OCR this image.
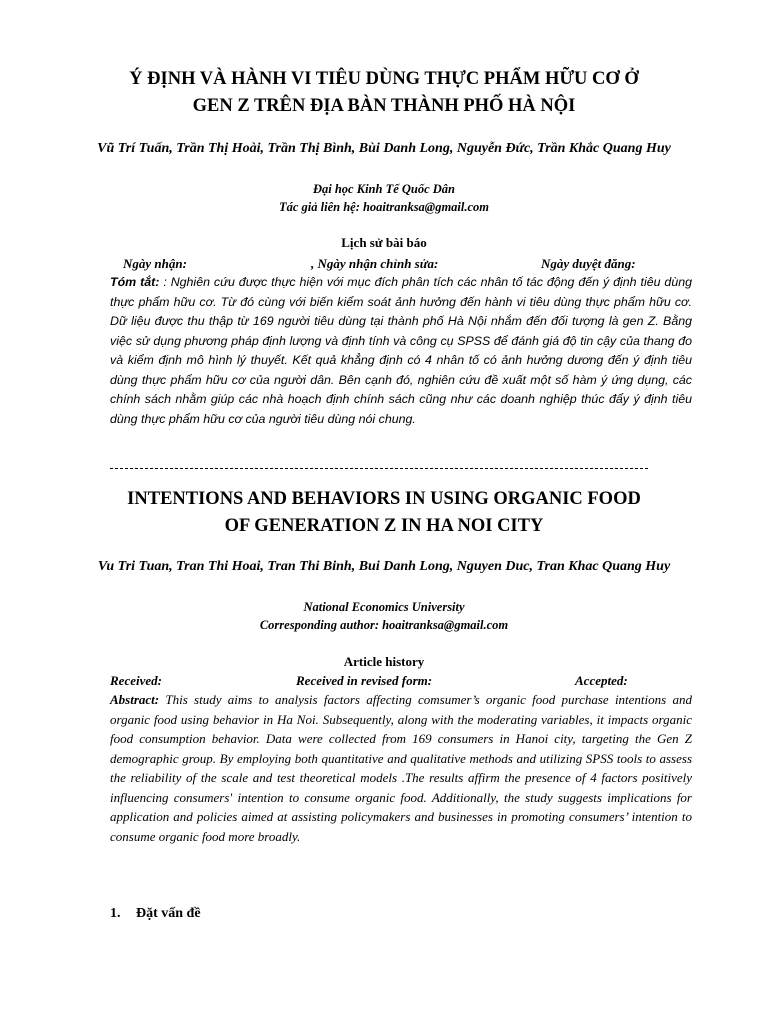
Ý ĐỊNH VÀ HÀNH VI TIÊU DÙNG THỰC PHẨM HỮU CƠ Ở
GEN Z TRÊN ĐỊA BÀN THÀNH PHỐ HÀ NỘI

Vũ Trí Tuấn, Trần Thị Hoài, Trần Thị Bình, Bùi Danh Long, Nguyễn Đức, Trần Khắc Quang Huy

Đại học Kinh Tế Quốc Dân
Tác giả liên hệ: hoaitranksa@gmail.com
Lịch sử bài báo
Ngày nhận:	, Ngày nhận chỉnh sửa:	Ngày duyệt đăng:

Tóm tắt: : Nghiên cứu được thực hiện với mục đích phân tích các nhân tố tác động đến ý định tiêu dùng thực phẩm hữu cơ. Từ đó cùng với biến kiểm soát ảnh hưởng đến hành vi tiêu dùng thực phẩm hữu cơ. Dữ liệu được thu thập từ 169 người tiêu dùng tại thành phố Hà Nội nhắm đến đối tượng là gen Z. Bằng việc sử dụng phương pháp định lượng và định tính và công cụ SPSS để đánh giá độ tin cậy của thang đo và kiểm định mô hình lý thuyết. Kết quả khẳng định có 4 nhân tố có ảnh hưởng dương đến ý định tiêu dùng thực phẩm hữu cơ của người dân. Bên cạnh đó, nghiên cứu đề xuất một số hàm ý ứng dụng, các chính sách nhằm giúp các nhà hoạch định chính sách cũng như các doanh nghiệp thúc đẩy ý định tiêu dùng thực phẩm hữu cơ của người tiêu dùng nói chung.

INTENTIONS AND BEHAVIORS IN USING ORGANIC FOOD
OF GENERATION Z IN HA NOI CITY

Vu Tri Tuan, Tran Thi Hoai, Tran Thi Binh, Bui Danh Long, Nguyen Duc, Tran Khac Quang Huy

National Economics University
Corresponding author: hoaitranksa@gmail.com
Article history
Received:	Received in revised form:	Accepted:

Abstract: This study aims to analysis factors affecting comsumer’s organic food purchase intentions and organic food using behavior in Ha Noi. Subsequently, along with the moderating variables, it impacts organic food consumption behavior. Data were collected from 169 consumers in Hanoi city, targeting the Gen Z demographic group. By employing both quantitative and qualitative methods and utilizing SPSS tools to assess the reliability of the scale and test theoretical models .The results affirm the presence of 4 factors positively influencing consumers' intention to consume organic food. Additionally, the study suggests implications for application and policies aimed at assisting policymakers and businesses in promoting consumers’ intention to consume organic food more broadly.

1. Đặt vấn đề
